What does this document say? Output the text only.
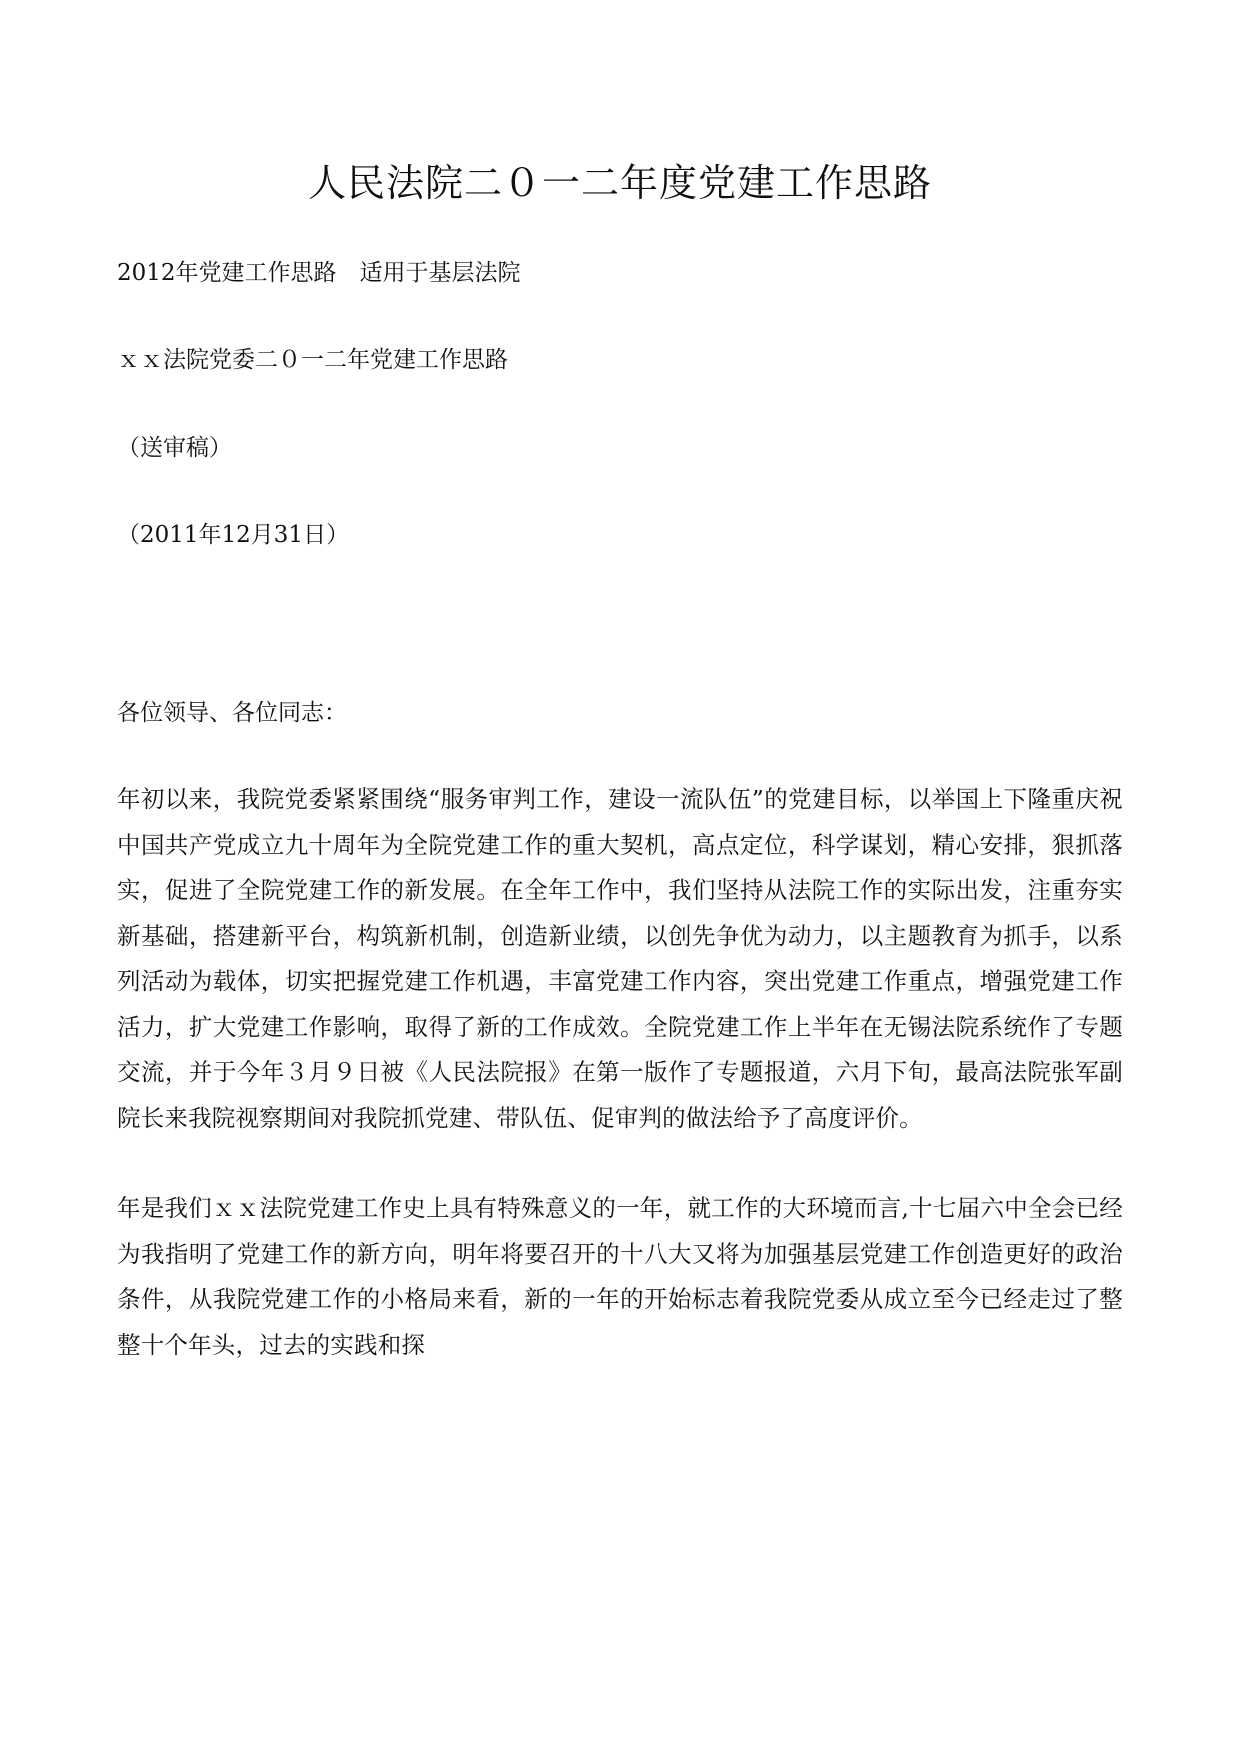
人民法院二０一二年度党建工作思路
2012年党建工作思路　适用于基层法院
ｘｘ法院党委二０一二年党建工作思路
（送审稿）
（2011年12月31日）
各位领导、各位同志：
年初以来，我院党委紧紧围绕“服务审判工作，建设一流队伍”的党建目标，以举国上下隆重庆祝中国共产党成立九十周年为全院党建工作的重大契机，高点定位，科学谋划，精心安排，狠抓落实，促进了全院党建工作的新发展。在全年工作中，我们坚持从法院工作的实际出发，注重夯实新基础，搭建新平台，构筑新机制，创造新业绩，以创先争优为动力，以主题教育为抓手，以系列活动为载体，切实把握党建工作机遇，丰富党建工作内容，突出党建工作重点，增强党建工作活力，扩大党建工作影响，取得了新的工作成效。全院党建工作上半年在无锡法院系统作了专题交流，并于今年３月９日被《人民法院报》在第一版作了专题报道，六月下旬，最高法院张军副院长来我院视察期间对我院抓党建、带队伍、促审判的做法给予了高度评价。
年是我们ｘｘ法院党建工作史上具有特殊意义的一年，就工作的大环境而言,十七届六中全会已经为我指明了党建工作的新方向，明年将要召开的十八大又将为加强基层党建工作创造更好的政治条件，从我院党建工作的小格局来看，新的一年的开始标志着我院党委从成立至今已经走过了整整十个年头，过去的实践和探
